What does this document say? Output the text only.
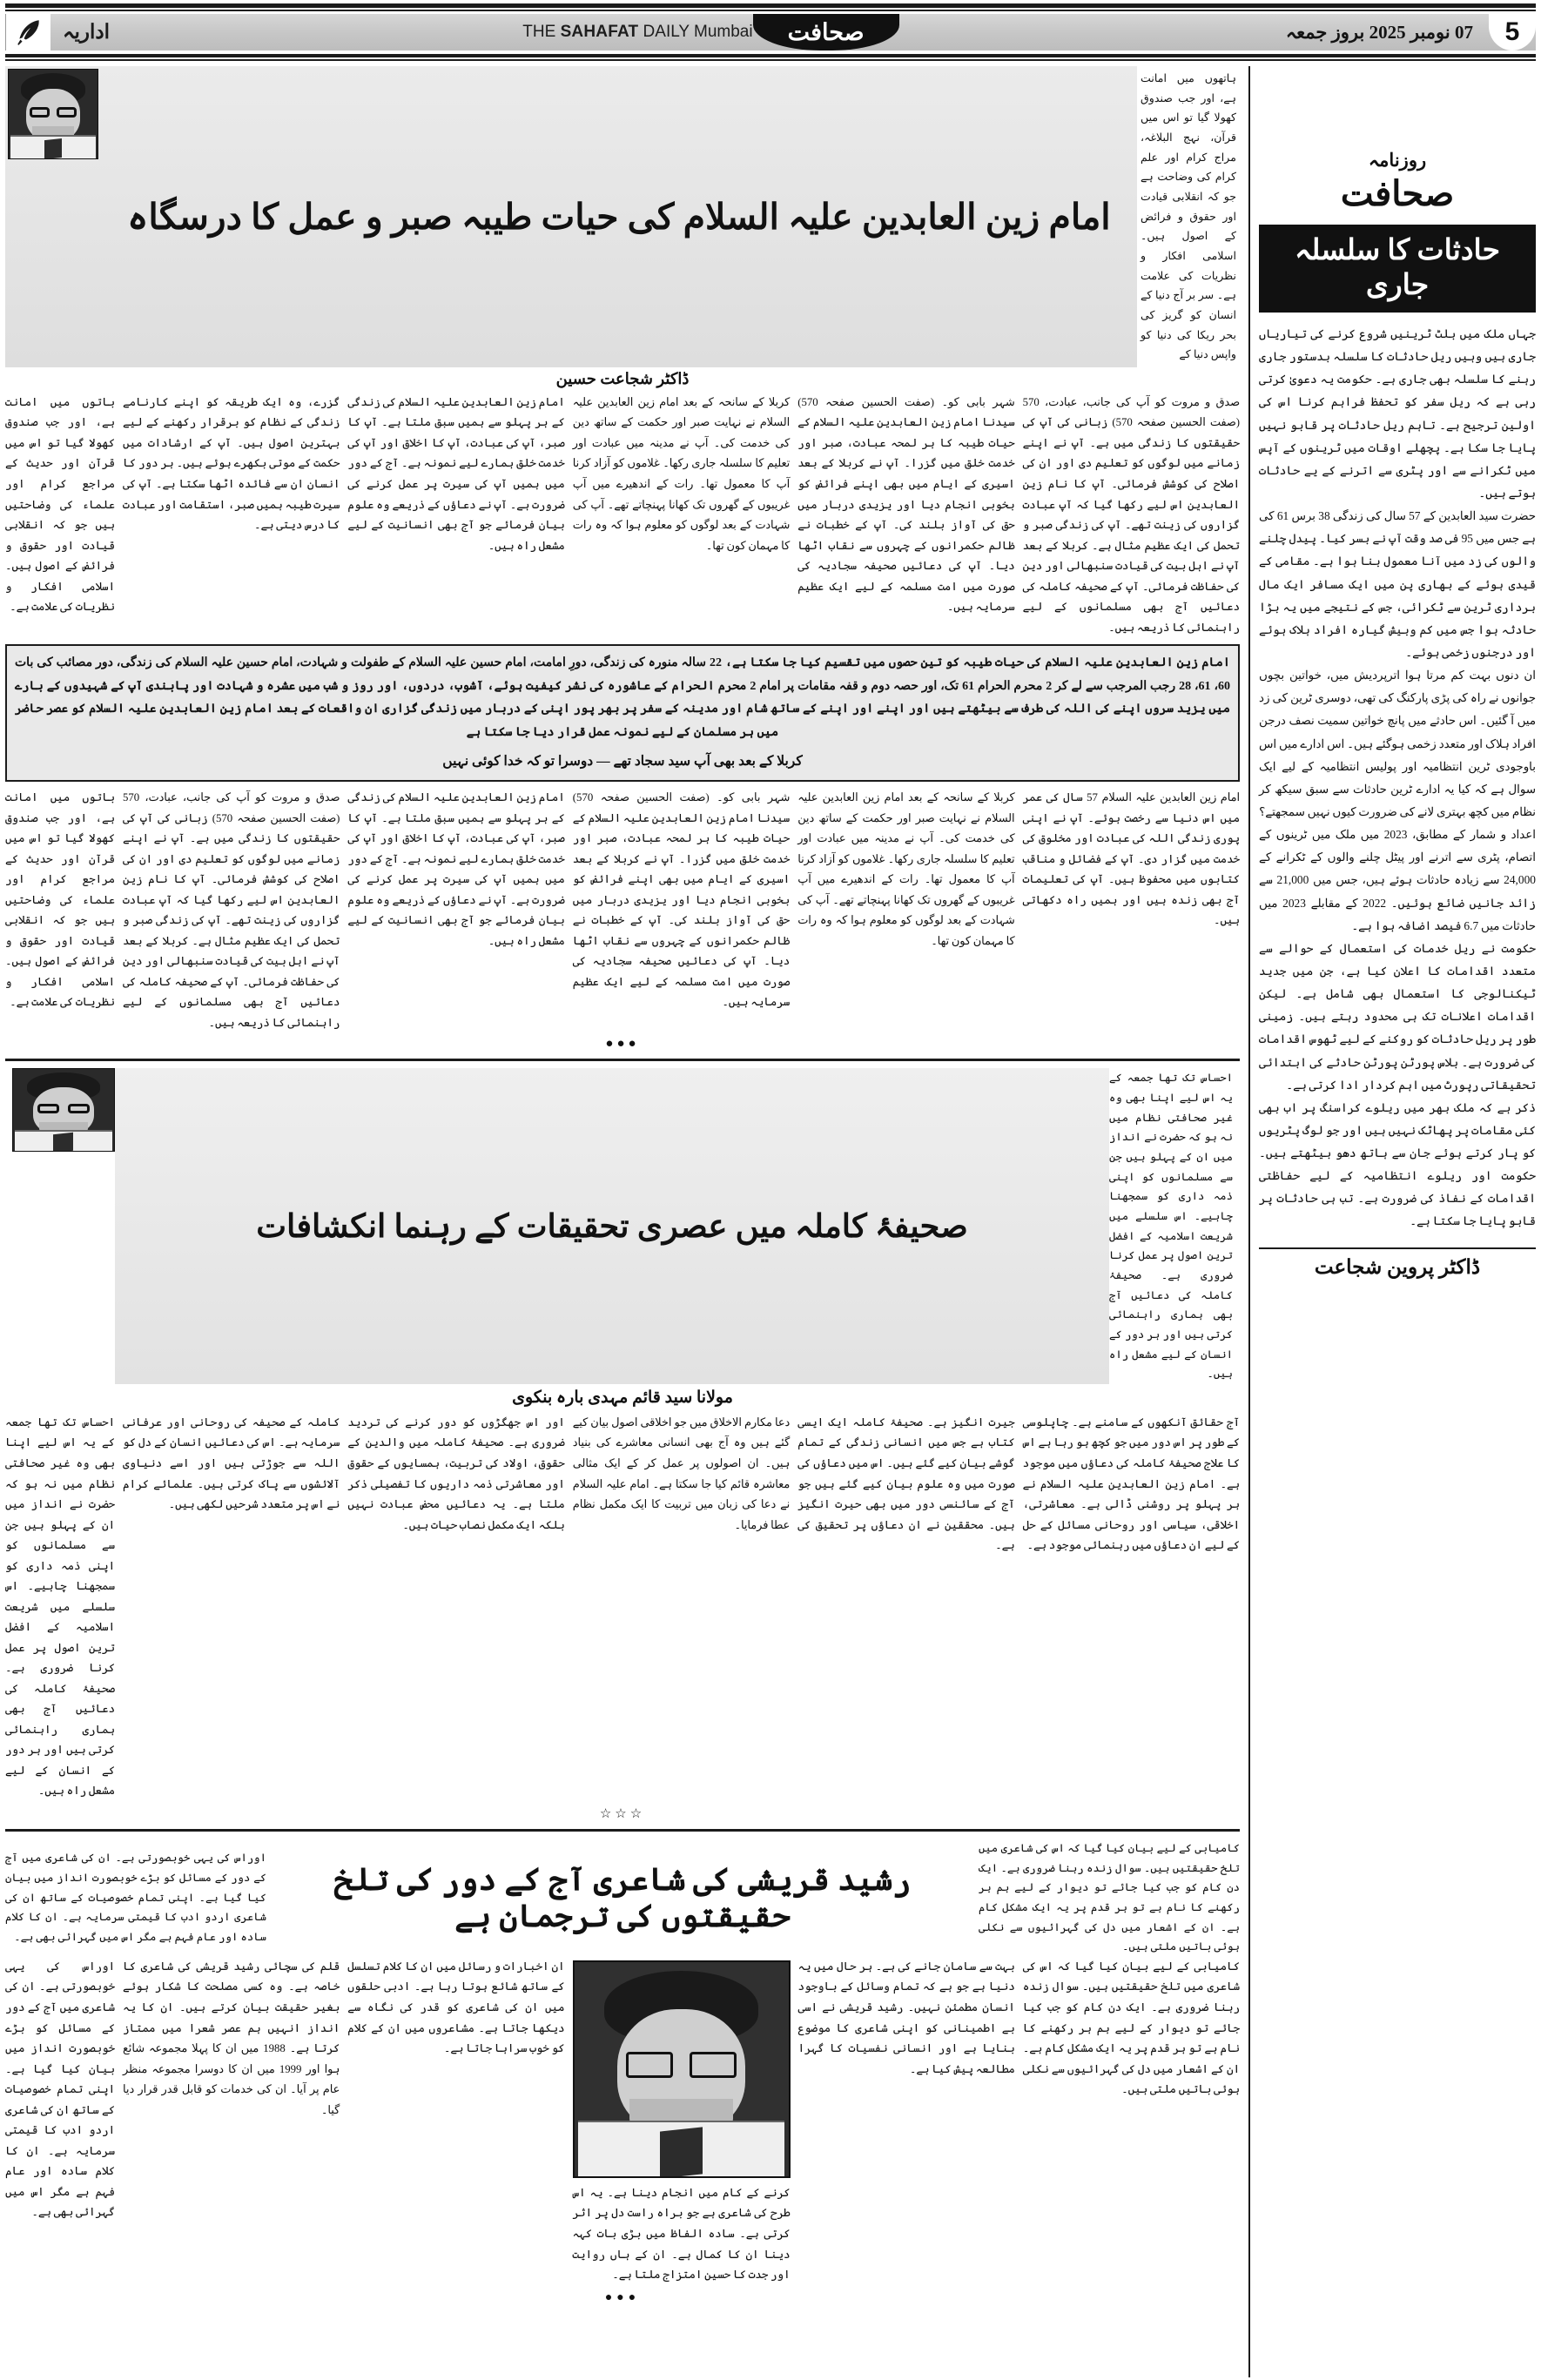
5
07 نومبر 2025 بروز جمعہ
صحافت
THE SAHAFAT DAILY Mumbai
اداریہ
روزنامہ
صحافت
حادثات کا سلسلہ جاری

جہاں ملک میں بلٹ ٹرینیں شروع کرنے کی تیاریاں جاری ہیں وہیں ریل حادثات کا سلسلہ بدستور جاری رہنے کا سلسلہ بھی جاری ہے۔ حکومت یہ دعویٰ کرتی رہی ہے کہ ریل سفر کو تحفظ فراہم کرنا اس کی اولین ترجیح ہے۔ تاہم ریل حادثات پر قابو نہیں پایا جا سکا ہے۔ پچھلے اوقات میں ٹرینوں کے آپس میں ٹکرانے سے اور پٹری سے اترنے کے یے حادثات ہوتے ہیں۔

حضرت سید العابدین کے 57 سال کی زندگی 38 برس 61 کی ہے جس میں 95 فی صد وقت آپ نے بسر کیا۔ پیدل چلنے والوں کی زد میں آنا معمول بنا ہوا ہے۔ مقامی کے قیدی ہوئے کے بھاری پن میں ایک مسافر ایک مال برداری ٹرین سے ٹکرائی، جس کے نتیجے میں یہ بڑا حادثہ ہوا جس میں کم وبیش گیارہ افراد ہلاک ہوئے اور درجنوں زخمی ہوئے۔

ان دنوں بہت کم مرتا ہوا اترپردیش میں، خواتین بچوں جوانوں نے راہ کی پڑی پارکنگ کی تھی، دوسری ٹرین کی زد میں آ گئیں۔ اس حادثے میں پانچ خواتین سمیت نصف درجن افراد ہلاک اور متعدد زخمی ہوگئے ہیں۔ اس ادارے میں اس باوجودی ٹرین انتظامیہ اور پولیس انتظامیہ کے لیے ایک سوال ہے کہ کیا یہ ادارے ٹرین حادثات سے سبق سیکھ کر نظام میں کچھ بہتری لانے کی ضرورت کیوں نہیں سمجھتے؟

اعداد و شمار کے مطابق، 2023 میں ملک میں ٹرینوں کے اتصام، پٹری سے اترنے اور پیٹل چلنے والوں کے ٹکرانے کے 24,000 سے زیادہ حادثات ہوئے ہیں، جس میں 21,000 سے زائد جانیں ضائع ہوئیں۔ 2022 کے مقابلے 2023 میں حادثات میں 6.7 فیصد اضافہ ہوا ہے۔

حکومت نے ریل خدمات کی استعمال کے حوالے سے متعدد اقدامات کا اعلان کیا ہے، جن میں جدید ٹیکنالوجی کا استعمال بھی شامل ہے۔ لیکن اقدامات اعلانات تک ہی محدود رہتے ہیں۔ زمینی طور پر ریل حادثات کو روکنے کے لیے ٹھوس اقدامات کی ضرورت ہے۔ بلاس پورٹن پورٹن حادثے کی ابتدائی تحقیقاتی رپورٹ میں اہم کردار ادا کرتی ہے۔

ذکر ہے کہ ملک بھر میں ریلوے کراسنگ پر اب بھی کئی مقامات پر پھاٹک نہیں ہیں اور جو لوگ پٹریوں کو پار کرتے ہوئے جان سے ہاتھ دھو بیٹھتے ہیں۔ حکومت اور ریلوے انتظامیہ کے لیے حفاظتی اقدامات کے نفاذ کی ضرورت ہے۔ تب ہی حادثات پر قابو پایا جا سکتا ہے۔

ڈاکٹر پروین شجاعت
ہاتھوں میں امانت ہے، اور جب صندوق کھولا گیا تو اس میں قرآن، نہج البلاغہ، مراج کرام اور علم کرام کی وضاحت ہے جو کہ انقلابی قیادت اور حقوق و فرائض کے اصول ہیں۔ اسلامی افکار و نظریات کی علامت ہے۔ سر بر آج دنیا کے انسان کو گریز کی بحر ریکا کی دنیا کو واپس دنیا کے
امام زین العابدین علیہ السلام کی حیات طیبہ صبر و عمل کا درسگاہ
ڈاکٹر شجاعت حسین
صدق و مروت کو آپ کی جانب، عبادت، 570 (صفت الحسین صفحہ 570) زبانی کی آپ کی حقیقتوں کا زندگی میں ہے۔ آپ نے اپنے زمانے میں لوگوں کو تعلیم دی اور ان کی اصلاح کی کوشش فرمائی۔ آپ کا نام زین العابدین اس لیے رکھا گیا کہ آپ عبادت گزاروں کی زینت تھے۔ آپ کی زندگی صبر و تحمل کی ایک عظیم مثال ہے۔ کربلا کے بعد آپ نے اہل بیت کی قیادت سنبھالی اور دین کی حفاظت فرمائی۔ آپ کے صحیفہ کاملہ کی دعائیں آج بھی مسلمانوں کے لیے راہنمائی کا ذریعہ ہیں۔
شہر بابی کو۔ (صفت الحسین صفحہ 570) سیدنا امام زین العابدین علیہ السلام کے حیات طیبہ کا ہر لمحہ عبادت، صبر اور خدمت خلق میں گزرا۔ آپ نے کربلا کے بعد اسیری کے ایام میں بھی اپنے فرائض کو بخوبی انجام دیا اور یزیدی دربار میں حق کی آواز بلند کی۔ آپ کے خطبات نے ظالم حکمرانوں کے چہروں سے نقاب اٹھا دیا۔ آپ کی دعائیں صحیفہ سجادیہ کی صورت میں امت مسلمہ کے لیے ایک عظیم سرمایہ ہیں۔
کربلا کے سانحہ کے بعد امام زین العابدین علیہ السلام نے نہایت صبر اور حکمت کے ساتھ دین کی خدمت کی۔ آپ نے مدینہ میں عبادت اور تعلیم کا سلسلہ جاری رکھا۔ غلاموں کو آزاد کرنا آپ کا معمول تھا۔ رات کے اندھیرے میں آپ غریبوں کے گھروں تک کھانا پہنچاتے تھے۔ آپ کی شہادت کے بعد لوگوں کو معلوم ہوا کہ وہ رات کا مہمان کون تھا۔
امام زین العابدین علیہ السلام کی زندگی کے ہر پہلو سے ہمیں سبق ملتا ہے۔ آپ کا صبر، آپ کی عبادت، آپ کا اخلاق اور آپ کی خدمت خلق ہمارے لیے نمونہ ہے۔ آج کے دور میں ہمیں آپ کی سیرت پر عمل کرنے کی ضرورت ہے۔ آپ نے دعاؤں کے ذریعے وہ علوم بیان فرمائے جو آج بھی انسانیت کے لیے مشعل راہ ہیں۔
گزرے، وہ ایک طریقہ کو اپنے کارنامے زندگی کے نظام کو برقرار رکھنے کے لیے بہترین اصول ہیں۔ آپ کے ارشادات میں حکمت کے موتی بکھرے ہوئے ہیں۔ ہر دور کا انسان ان سے فائدہ اٹھا سکتا ہے۔ آپ کی سیرت طیبہ ہمیں صبر، استقامت اور عبادت کا درس دیتی ہے۔
باتوں میں امانت ہے، اور جب صندوق کھولا گیا تو اس میں قرآن اور حدیث کے مراجع کرام اور علماء کی وضاحتیں ہیں جو کہ انقلابی قیادت اور حقوق و فرائض کے اصول ہیں۔ اسلامی افکار و نظریات کی علامت ہے۔
امام زین العابدین علیہ السلام کی حیات طیبہ کو تین حصوں میں تقسیم کیا جا سکتا ہے، 22 سالہ منورہ کی زندگی، دورِ امامت، امام حسین علیہ السلام کے طفولت و شہادت، امام حسین علیہ السلام کی زندگی، دور مصائب کی بات 60، 61، 28 رجب المرجب سے لے کر 2 محرم الحرام 61 تک، اور حصہ دوم و قفہ مقامات پر امام 2 محرم الحرام کے عاشورہ کی نشر کیفیت ہوئے، آشوب، دردوں، اور روز و شب میں عشرہ و شہادت اور پابندی آپ کے شہیدوں کے بارے میں یزید سروں اپنے کی اللہ کی طرف سے بیٹھتے ہیں اور اپنے اور اپنے کے ساتھ شام اور مدینہ کے سفر پر بھر پور اپنی کے دربار میں زندگی گزاری ان واقعات کے بعد امام زین العابدین علیہ السلام کو عصر حاضر میں ہر مسلمان کے لیے نمونہ عمل قرار دیا جا سکتا ہے
کربلا کے بعد بھی آپ سید سجاد تھے — دوسرا تو کہ خدا کوئی نہیں
امام زین العابدین علیہ السلام 57 سال کی عمر میں اس دنیا سے رخصت ہوئے۔ آپ نے اپنی پوری زندگی اللہ کی عبادت اور مخلوق کی خدمت میں گزار دی۔ آپ کے فضائل و مناقب کتابوں میں محفوظ ہیں۔ آپ کی تعلیمات آج بھی زندہ ہیں اور ہمیں راہ دکھاتی ہیں۔
کربلا کے سانحہ کے بعد امام زین العابدین علیہ السلام نے نہایت صبر اور حکمت کے ساتھ دین کی خدمت کی۔ آپ نے مدینہ میں عبادت اور تعلیم کا سلسلہ جاری رکھا۔ غلاموں کو آزاد کرنا آپ کا معمول تھا۔ رات کے اندھیرے میں آپ غریبوں کے گھروں تک کھانا پہنچاتے تھے۔ آپ کی شہادت کے بعد لوگوں کو معلوم ہوا کہ وہ رات کا مہمان کون تھا۔
شہر بابی کو۔ (صفت الحسین صفحہ 570) سیدنا امام زین العابدین علیہ السلام کے حیات طیبہ کا ہر لمحہ عبادت، صبر اور خدمت خلق میں گزرا۔ آپ نے کربلا کے بعد اسیری کے ایام میں بھی اپنے فرائض کو بخوبی انجام دیا اور یزیدی دربار میں حق کی آواز بلند کی۔ آپ کے خطبات نے ظالم حکمرانوں کے چہروں سے نقاب اٹھا دیا۔ آپ کی دعائیں صحیفہ سجادیہ کی صورت میں امت مسلمہ کے لیے ایک عظیم سرمایہ ہیں۔
امام زین العابدین علیہ السلام کی زندگی کے ہر پہلو سے ہمیں سبق ملتا ہے۔ آپ کا صبر، آپ کی عبادت، آپ کا اخلاق اور آپ کی خدمت خلق ہمارے لیے نمونہ ہے۔ آج کے دور میں ہمیں آپ کی سیرت پر عمل کرنے کی ضرورت ہے۔ آپ نے دعاؤں کے ذریعے وہ علوم بیان فرمائے جو آج بھی انسانیت کے لیے مشعل راہ ہیں۔
صدق و مروت کو آپ کی جانب، عبادت، 570 (صفت الحسین صفحہ 570) زبانی کی آپ کی حقیقتوں کا زندگی میں ہے۔ آپ نے اپنے زمانے میں لوگوں کو تعلیم دی اور ان کی اصلاح کی کوشش فرمائی۔ آپ کا نام زین العابدین اس لیے رکھا گیا کہ آپ عبادت گزاروں کی زینت تھے۔ آپ کی زندگی صبر و تحمل کی ایک عظیم مثال ہے۔ کربلا کے بعد آپ نے اہل بیت کی قیادت سنبھالی اور دین کی حفاظت فرمائی۔ آپ کے صحیفہ کاملہ کی دعائیں آج بھی مسلمانوں کے لیے راہنمائی کا ذریعہ ہیں۔
باتوں میں امانت ہے، اور جب صندوق کھولا گیا تو اس میں قرآن اور حدیث کے مراجع کرام اور علماء کی وضاحتیں ہیں جو کہ انقلابی قیادت اور حقوق و فرائض کے اصول ہیں۔ اسلامی افکار و نظریات کی علامت ہے۔
●●●
احساس تک تھا جمعہ کے یہ اس لیے اپنا بھی وہ غیر صحافتی نظام میں نہ ہو کہ حضرت نے انداز میں ان کے پہلو ہیں جن سے مسلمانوں کو اپنی ذمہ داری کو سمجھنا چاہیے۔ اس سلسلے میں شریعت اسلامیہ کے افضل ترین اصول پر عمل کرنا ضروری ہے۔ صحیفۂ کاملہ کی دعائیں آج بھی ہماری راہنمائی کرتی ہیں اور ہر دور کے انسان کے لیے مشعل راہ ہیں۔
صحیفۂ کاملہ میں عصری تحقیقات کے رہنما انکشافات
مولانا سید قائم مہدی بارہ بنکوی
آج حقائق آنکھوں کے سامنے ہے۔ چاپلوسی کے طور پر اس دور میں جو کچھ ہو رہا ہے اس کا علاج صحیفۂ کاملہ کی دعاؤں میں موجود ہے۔ امام زین العابدین علیہ السلام نے ہر پہلو پر روشنی ڈالی ہے۔ معاشرتی، اخلاقی، سیاسی اور روحانی مسائل کے حل کے لیے ان دعاؤں میں رہنمائی موجود ہے۔
جیرت انگیز ہے۔ صحیفۂ کاملہ ایک ایسی کتاب ہے جس میں انسانی زندگی کے تمام گوشے بیان کیے گئے ہیں۔ اس میں دعاؤں کی صورت میں وہ علوم بیان کیے گئے ہیں جو آج کے سائنسی دور میں بھی حیرت انگیز ہیں۔ محققین نے ان دعاؤں پر تحقیق کی ہے۔
دعا مکارم الاخلاق میں جو اخلاقی اصول بیان کیے گئے ہیں وہ آج بھی انسانی معاشرے کی بنیاد ہیں۔ ان اصولوں پر عمل کر کے ایک مثالی معاشرہ قائم کیا جا سکتا ہے۔ امام علیہ السلام نے دعا کی زبان میں تربیت کا ایک مکمل نظام عطا فرمایا۔
اور اس جھگڑوں کو دور کرنے کی تردید ضروری ہے۔ صحیفۂ کاملہ میں والدین کے حقوق، اولاد کی تربیت، ہمسایوں کے حقوق اور معاشرتی ذمہ داریوں کا تفصیلی ذکر ملتا ہے۔ یہ دعائیں محض عبادت نہیں بلکہ ایک مکمل نصاب حیات ہیں۔
کاملہ کے صحیفہ کی روحانی اور عرفانی سرمایہ ہے۔ اس کی دعائیں انسان کے دل کو اللہ سے جوڑتی ہیں اور اسے دنیاوی آلائشوں سے پاک کرتی ہیں۔ علمائے کرام نے اس پر متعدد شرحیں لکھی ہیں۔
احساس تک تھا جمعہ کے یہ اس لیے اپنا بھی وہ غیر صحافتی نظام میں نہ ہو کہ حضرت نے انداز میں ان کے پہلو ہیں جن سے مسلمانوں کو اپنی ذمہ داری کو سمجھنا چاہیے۔ اس سلسلے میں شریعت اسلامیہ کے افضل ترین اصول پر عمل کرنا ضروری ہے۔ صحیفۂ کاملہ کی دعائیں آج بھی ہماری راہنمائی کرتی ہیں اور ہر دور کے انسان کے لیے مشعل راہ ہیں۔
☆☆☆
کامیابی کے لیے بیان کیا گیا کہ اس کی شاعری میں تلخ حقیقتیں ہیں۔ سوال زندہ رہنا ضروری ہے۔ ایک دن کام کو جب کیا جائے تو دیوار کے لیے ہم ہر رکھنے کا نام ہے تو ہر قدم پر یہ ایک مشکل کام ہے۔ ان کے اشعار میں دل کی گہرائیوں سے نکلی ہوئی باتیں ملتی ہیں۔
رشید قریشی کی شاعری آج کے دور کی تلخ حقیقتوں کی ترجمان ہے
اوراس کی یہی خوبصورتی ہے۔ ان کی شاعری میں آج کے دور کے مسائل کو بڑے خوبصورت انداز میں بیان کیا گیا ہے۔ اپنی تمام خصوصیات کے ساتھ ان کی شاعری اردو ادب کا قیمتی سرمایہ ہے۔ ان کا کلام سادہ اور عام فہم ہے مگر اس میں گہرائی بھی ہے۔
کامیابی کے لیے بیان کیا گیا کہ اس کی شاعری میں تلخ حقیقتیں ہیں۔ سوال زندہ رہنا ضروری ہے۔ ایک دن کام کو جب کیا جائے تو دیوار کے لیے ہم ہر رکھنے کا نام ہے تو ہر قدم پر یہ ایک مشکل کام ہے۔ ان کے اشعار میں دل کی گہرائیوں سے نکلی ہوئی باتیں ملتی ہیں۔
بہت سے سامان جانے کی ہے۔ ہر حال میں یہ دنیا ہے جو ہے کہ تمام وسائل کے باوجود انسان مطمئن نہیں۔ رشید قریشی نے اسی بے اطمینانی کو اپنی شاعری کا موضوع بنایا ہے اور انسانی نفسیات کا گہرا مطالعہ پیش کیا ہے۔
کرنے کے کام میں انجام دینا ہے۔ یہ اس طرح کی شاعری ہے جو براہ راست دل پر اثر کرتی ہے۔ سادہ الفاظ میں بڑی بات کہہ دینا ان کا کمال ہے۔ ان کے ہاں روایت اور جدت کا حسین امتزاج ملتا ہے۔
ان اخبارات و رسائل میں ان کا کلام تسلسل کے ساتھ شائع ہوتا رہا ہے۔ ادبی حلقوں میں ان کی شاعری کو قدر کی نگاہ سے دیکھا جاتا ہے۔ مشاعروں میں ان کے کلام کو خوب سراہا جاتا ہے۔
قلم کی سچائی رشید قریشی کی شاعری کا خاصہ ہے۔ وہ کسی مصلحت کا شکار ہوئے بغیر حقیقت بیان کرتے ہیں۔ ان کا یہ انداز انہیں ہم عصر شعرا میں ممتاز کرتا ہے۔ 1988 میں ان کا پہلا مجموعہ شائع ہوا اور 1999 میں ان کا دوسرا مجموعہ منظر عام پر آیا۔ ان کی خدمات کو قابل قدر قرار دیا گیا۔
اوراس کی یہی خوبصورتی ہے۔ ان کی شاعری میں آج کے دور کے مسائل کو بڑے خوبصورت انداز میں بیان کیا گیا ہے۔ اپنی تمام خصوصیات کے ساتھ ان کی شاعری اردو ادب کا قیمتی سرمایہ ہے۔ ان کا کلام سادہ اور عام فہم ہے مگر اس میں گہرائی بھی ہے۔
●●●
